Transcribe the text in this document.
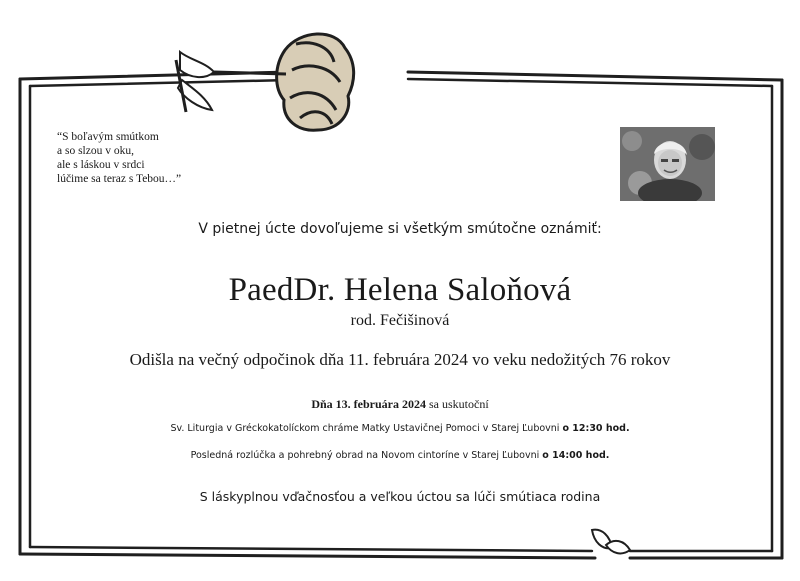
“S boľavým smútkom
a so slzou v oku,
ale s láskou v srdci
lúčime sa teraz s Tebou…”
V pietnej úcte dovoľujeme si všetkým smútočne oznámiť:
PaedDr. Helena Saloňová
rod. Fečišinová
Odišla na večný odpočinok dňa 11. februára 2024 vo veku nedožitých 76 rokov
Dňa 13. februára 2024 sa uskutoční
Sv. Liturgia v Gréckokatolíckom chráme Matky Ustavičnej Pomoci v Starej Ľubovni o 12:30 hod.
Posledná rozlúčka a pohrebný obrad na Novom cintoríne v Starej Ľubovni o 14:00 hod.
S láskyplnou vďačnosťou a veľkou úctou sa lúči smútiaca rodina
